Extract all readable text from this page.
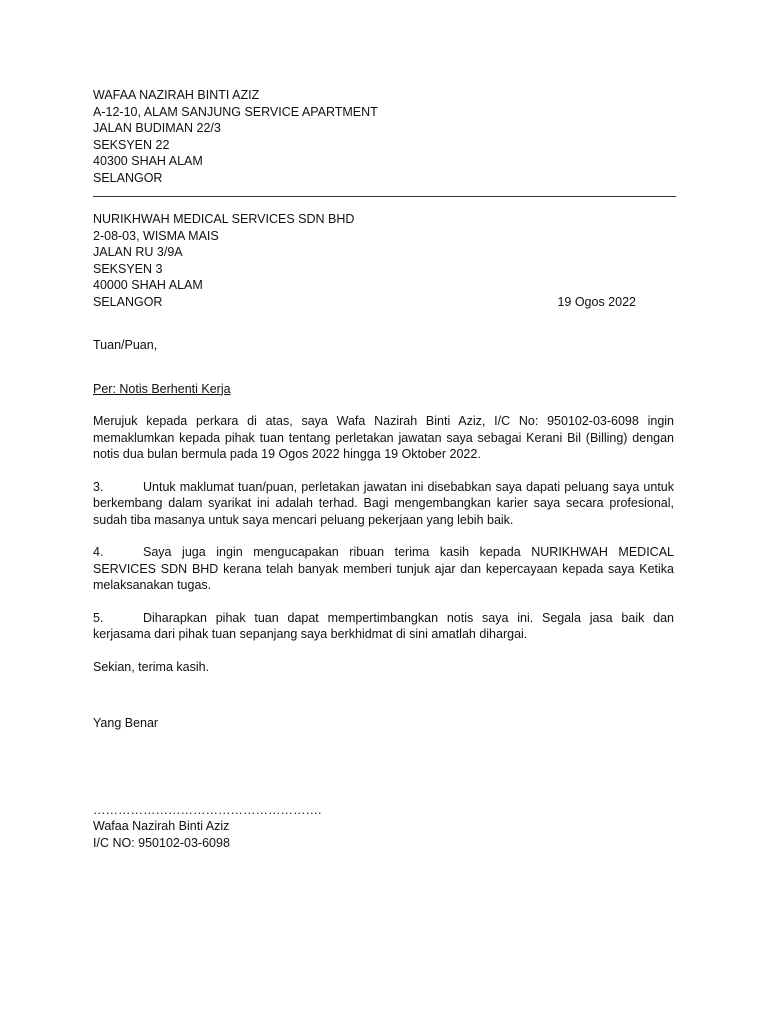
WAFAA NAZIRAH BINTI AZIZ
A-12-10, ALAM SANJUNG SERVICE APARTMENT
JALAN BUDIMAN 22/3
SEKSYEN 22
40300 SHAH ALAM
SELANGOR
NURIKHWAH MEDICAL SERVICES SDN BHD
2-08-03, WISMA MAIS
JALAN RU 3/9A
SEKSYEN 3
40000 SHAH ALAM
SELANGOR	19 Ogos 2022
Tuan/Puan,
Per: Notis Berhenti Kerja
Merujuk kepada perkara di atas, saya Wafa Nazirah Binti Aziz, I/C No: 950102-03-6098 ingin memaklumkan kepada pihak tuan tentang perletakan jawatan saya sebagai Kerani Bil (Billing) dengan notis dua bulan bermula pada 19 Ogos 2022 hingga 19 Oktober 2022.
3.	Untuk maklumat tuan/puan, perletakan jawatan ini disebabkan saya dapati peluang saya untuk berkembang dalam syarikat ini adalah terhad. Bagi mengembangkan karier saya secara profesional, sudah tiba masanya untuk saya mencari peluang pekerjaan yang lebih baik.
4.	Saya juga ingin mengucapakan ribuan terima kasih kepada NURIKHWAH MEDICAL SERVICES SDN BHD kerana telah banyak memberi tunjuk ajar dan kepercayaan kepada saya Ketika melaksanakan tugas.
5.	Diharapkan pihak tuan dapat mempertimbangkan notis saya ini. Segala jasa baik dan kerjasama dari pihak tuan sepanjang saya berkhidmat di sini amatlah dihargai.
Sekian, terima kasih.
Yang Benar
……………………………………………….
Wafaa Nazirah Binti Aziz
I/C NO: 950102-03-6098
